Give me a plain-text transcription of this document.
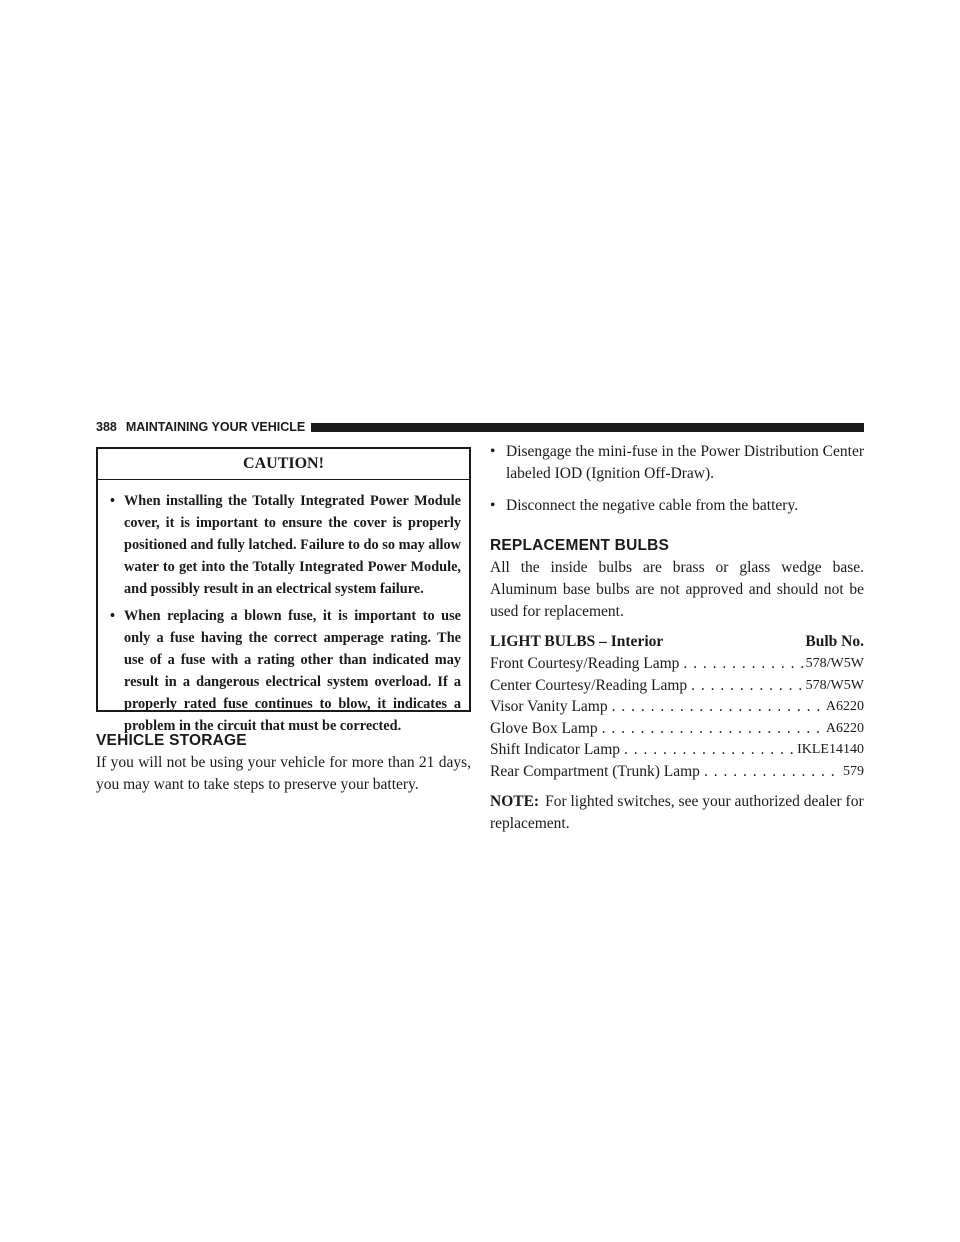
388 MAINTAINING YOUR VEHICLE
CAUTION!
• When installing the Totally Integrated Power Module cover, it is important to ensure the cover is properly positioned and fully latched. Failure to do so may allow water to get into the Totally Integrated Power Module, and possibly result in an electrical system failure.
• When replacing a blown fuse, it is important to use only a fuse having the correct amperage rating. The use of a fuse with a rating other than indicated may result in a dangerous electrical system overload. If a properly rated fuse continues to blow, it indicates a problem in the circuit that must be corrected.
VEHICLE STORAGE

If you will not be using your vehicle for more than 21 days, you may want to take steps to preserve your battery.

• Disengage the mini-fuse in the Power Distribution Center labeled IOD (Ignition Off-Draw).
• Disconnect the negative cable from the battery.
REPLACEMENT BULBS

All the inside bulbs are brass or glass wedge base. Aluminum base bulbs are not approved and should not be used for replacement.

LIGHT BULBS – Interior	Bulb No.
Front Courtesy/Reading Lamp . . .	578/W5W
Center Courtesy/Reading Lamp . . .	578/W5W
Visor Vanity Lamp . . .	A6220
Glove Box Lamp . . .	A6220
Shift Indicator Lamp . . .	IKLE14140
Rear Compartment (Trunk) Lamp . . .	579

NOTE: For lighted switches, see your authorized dealer for replacement.
